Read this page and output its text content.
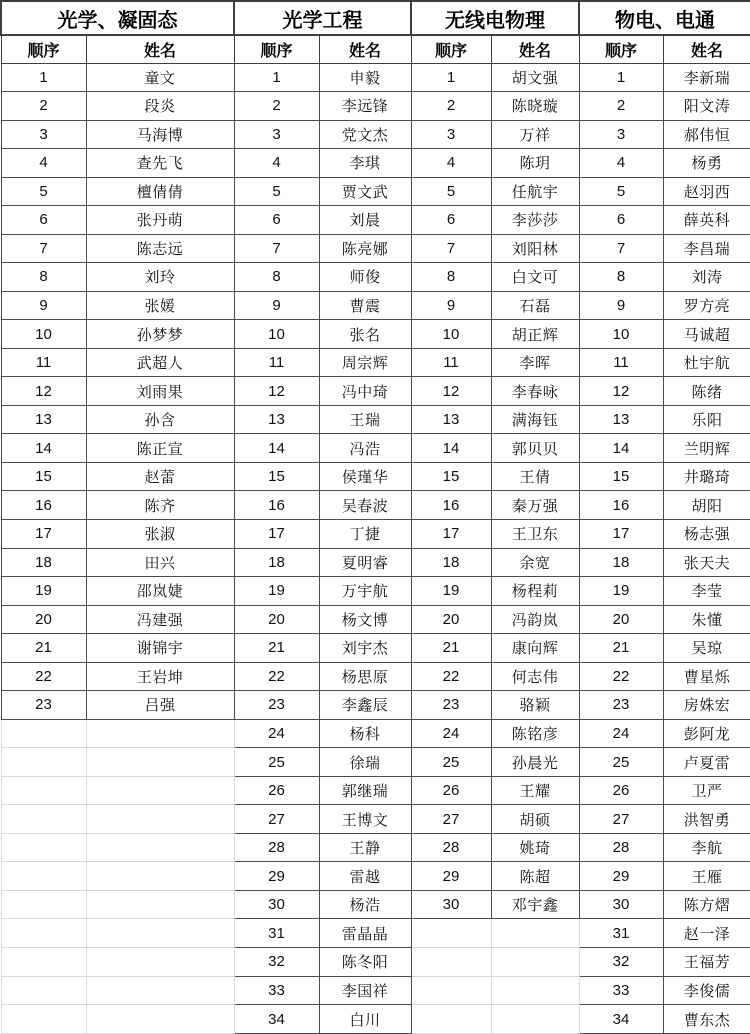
光学、凝固态		光学工程		无线电物理		物电、电通	
顺序	姓名	顺序	姓名	顺序	姓名	顺序	姓名
1	童文	1	申毅	1	胡文强	1	李新瑞
2	段炎	2	李远锋	2	陈晓璇	2	阳文涛
3	马海博	3	党文杰	3	万祥	3	郝伟恒
4	查先飞	4	李琪	4	陈玥	4	杨勇
5	檀倩倩	5	贾文武	5	任航宇	5	赵羽西
6	张丹萌	6	刘晨	6	李莎莎	6	薛英科
7	陈志远	7	陈亮娜	7	刘阳林	7	李昌瑞
8	刘玲	8	师俊	8	白文可	8	刘涛
9	张媛	9	曹震	9	石磊	9	罗方亮
10	孙梦梦	10	张名	10	胡正辉	10	马诚超
11	武超人	11	周宗辉	11	李晖	11	杜宇航
12	刘雨果	12	冯中琦	12	李春咏	12	陈绪
13	孙含	13	王瑞	13	满海钰	13	乐阳
14	陈正宣	14	冯浩	14	郭贝贝	14	兰明辉
15	赵蕾	15	侯瑾华	15	王倩	15	井璐琦
16	陈齐	16	吴春波	16	秦万强	16	胡阳
17	张淑	17	丁捷	17	王卫东	17	杨志强
18	田兴	18	夏明睿	18	余宽	18	张天夫
19	邵岚婕	19	万宇航	19	杨程莉	19	李莹
20	冯建强	20	杨文博	20	冯韵岚	20	朱懂
21	谢锦宇	21	刘宇杰	21	康向辉	21	吴琼
22	王岩坤	22	杨思原	22	何志伟	22	曹星烁
23	吕强	23	李鑫辰	23	骆颖	23	房姝宏
		24	杨科	24	陈铭彦	24	彭阿龙
		25	徐瑞	25	孙晨光	25	卢夏雷
		26	郭继瑞	26	王耀	26	卫严
		27	王博文	27	胡硕	27	洪智勇
		28	王静	28	姚琦	28	李航
		29	雷越	29	陈超	29	王雁
		30	杨浩	30	邓宇鑫	30	陈方熠
		31	雷晶晶			31	赵一泽
		32	陈冬阳			32	王福芳
		33	李国祥			33	李俊儒
		34	白川			34	曹东杰
